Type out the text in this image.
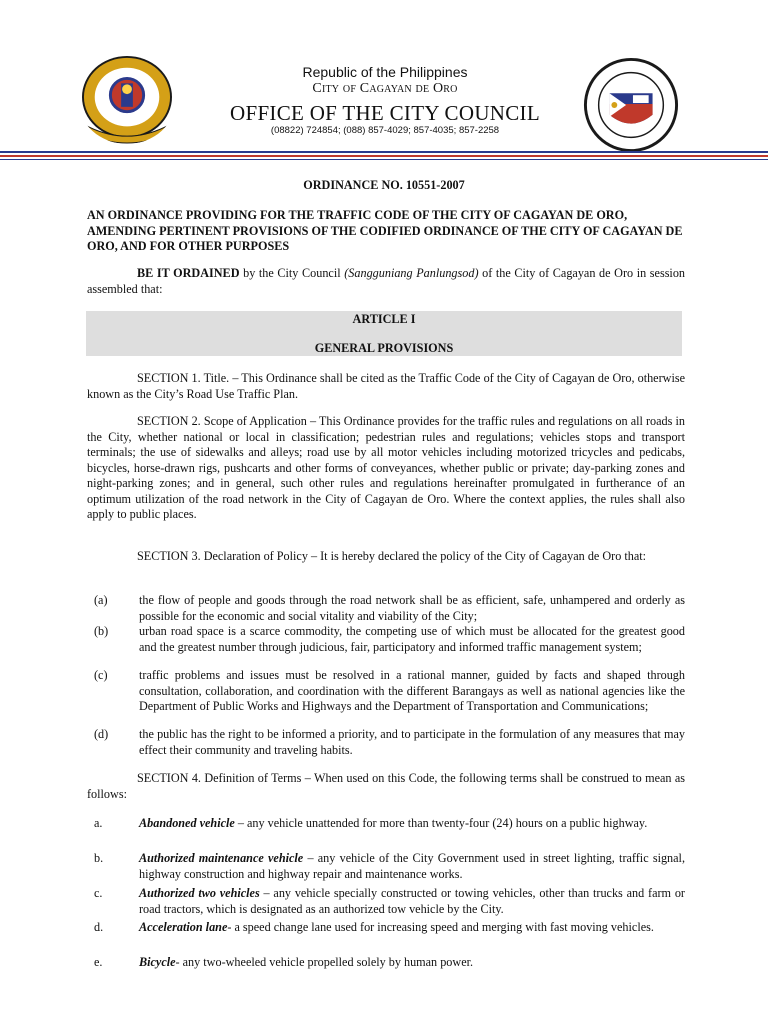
Republic of the Philippines
City of Cagayan de Oro
OFFICE OF THE CITY COUNCIL
(08822) 724854; (088) 857-4029; 857-4035; 857-2258
ORDINANCE NO. 10551-2007
AN ORDINANCE PROVIDING FOR THE TRAFFIC CODE OF THE CITY OF CAGAYAN DE ORO, AMENDING PERTINENT PROVISIONS OF THE CODIFIED ORDINANCE OF THE CITY OF CAGAYAN DE ORO, AND FOR OTHER PURPOSES
BE IT ORDAINED by the City Council (Sangguniang Panlungsod) of the City of Cagayan de Oro in session assembled that:
ARTICLE I
GENERAL PROVISIONS
SECTION 1. Title. – This Ordinance shall be cited as the Traffic Code of the City of Cagayan de Oro, otherwise known as the City’s Road Use Traffic Plan.
SECTION 2. Scope of Application – This Ordinance provides for the traffic rules and regulations on all roads in the City, whether national or local in classification; pedestrian rules and regulations; vehicles stops and transport terminals; the use of sidewalks and alleys; road use by all motor vehicles including motorized tricycles and pedicabs, bicycles, horse-drawn rigs, pushcarts and other forms of conveyances, whether public or private; day-parking zones and night-parking zones; and in general, such other rules and regulations hereinafter promulgated in furtherance of an optimum utilization of the road network in the City of Cagayan de Oro. Where the context applies, the rules shall also apply to public places.
SECTION 3. Declaration of Policy – It is hereby declared the policy of the City of Cagayan de Oro that:
(a)	the flow of people and goods through the road network shall be as efficient, safe, unhampered and orderly as possible for the economic and social vitality and viability of the City;
(b)	urban road space is a scarce commodity, the competing use of which must be allocated for the greatest good and the greatest number through judicious, fair, participatory and informed traffic management system;
(c)	traffic problems and issues must be resolved in a rational manner, guided by facts and shaped through consultation, collaboration, and coordination with the different Barangays as well as national agencies like the Department of Public Works and Highways and the Department of Transportation and Communications;
(d)	the public has the right to be informed a priority, and to participate in the formulation of any measures that may effect their community and traveling habits.
SECTION 4. Definition of Terms – When used on this Code, the following terms shall be construed to mean as follows:
a.	Abandoned vehicle – any vehicle unattended for more than twenty-four (24) hours on a public highway.
b.	Authorized maintenance vehicle – any vehicle of the City Government used in street lighting, traffic signal, highway construction and highway repair and maintenance works.
c.	Authorized two vehicles – any vehicle specially constructed or towing vehicles, other than trucks and farm or road tractors, which is designated as an authorized tow vehicle by the City.
d.	Acceleration lane- a speed change lane used for increasing speed and merging with fast moving vehicles.
e.	Bicycle- any two-wheeled vehicle propelled solely by human power.
